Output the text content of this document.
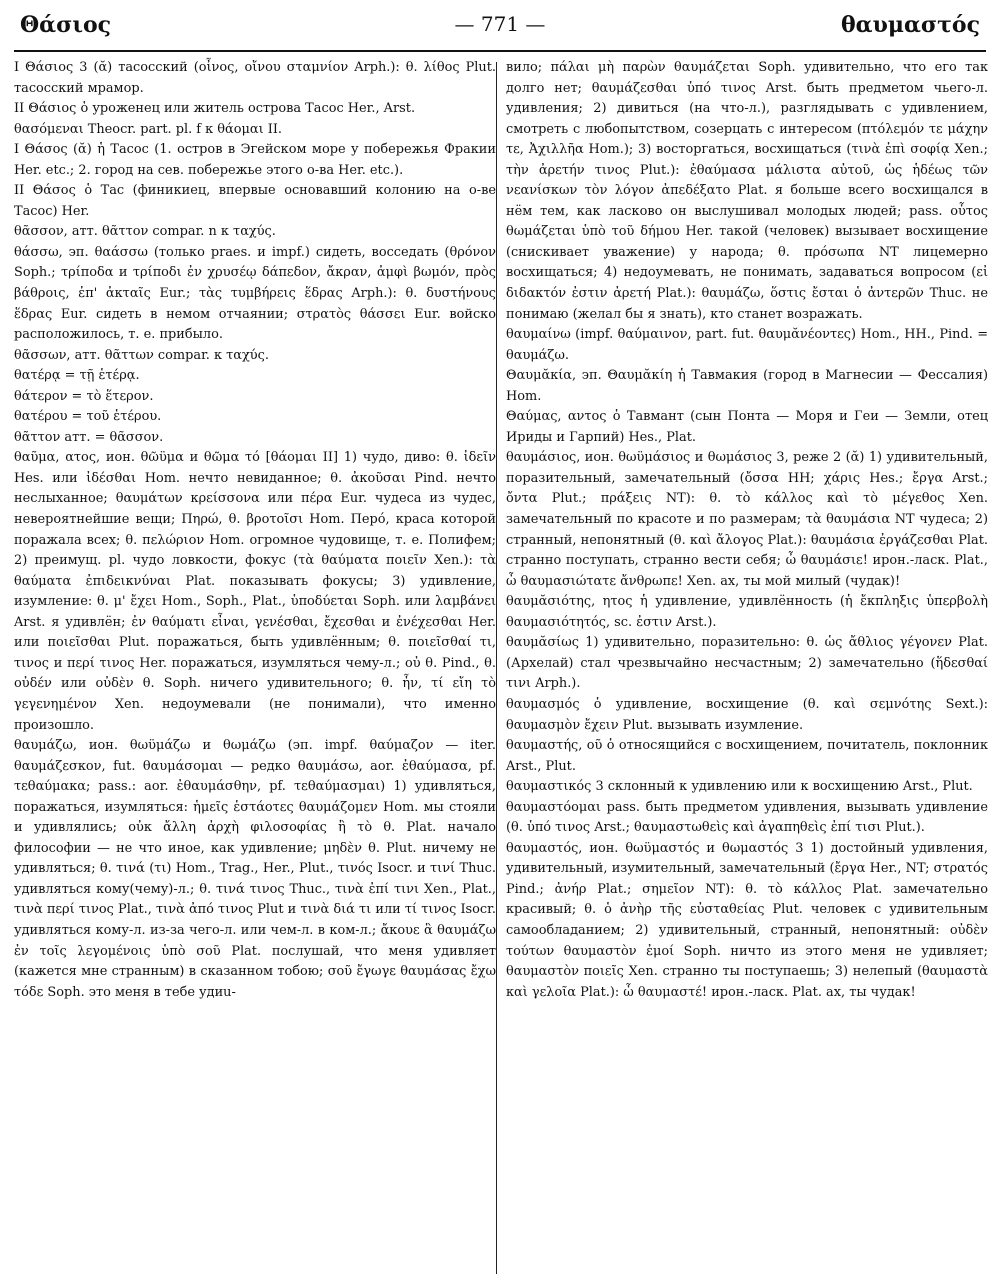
Θάσιος	— 771 —	θαυμαστός

I Θάσιος 3 (ᾰ) тасосский (οἶνος, οἴνου σταμνίον Arph.): θ. λίθος Plut. тасосский мрамор.

II Θάσιος ὁ уроженец или житель острова Тасос Her., Arst.

θασόμεναι Theocr. part. pl. f к θάομαι II.

I Θάσος (ᾰ) ἡ Тасос (1. остров в Эгейском море у побережья Фракии Her. etc.; 2. город на сев. побережье этого о-ва Her. etc.).

II Θάσος ὁ Тас (финикиец, впервые основавший колонию на о-ве Тасос) Her.

θᾶσσον, атт. θᾶττον compar. n к ταχύς.

θάσσω, эп. θαάσσω (только praes. и impf.) сидеть, восседать (θρόνον Soph.; τρίποδα и τρίποδι ἐν χρυσέῳ δάπεδον, ἄκραν, ἀμφὶ βωμόν, πρὸς βάθροις, ἐπ' ἀκταῖς Eur.; τὰς τυμβήρεις ἕδρας Arph.): θ. δυστήνους ἕδρας Eur. сидеть в немом отчаянии; στρατὸς θάσσει Eur. войско расположилось, т. е. прибыло.

θᾶσσων, атт. θᾶττων compar. к ταχύς.

θατέρᾳ = τῇ ἑτέρᾳ.

θάτερον = τὸ ἕτερον.

θατέρου = τοῦ ἑτέρου.

θᾶττον атт. = θᾶσσον.

θαῦμα, ατος, ион. θῶϋμα и θῶμα τό [θάομαι II] 1) чудо, диво: θ. ἰδεῖν Hes. или ἰδέσθαι Hom. нечто невиданное; θ. ἀκοῦσαι Pind. нечто неслыханное; θαυμάτων κρείσσονα или πέρα Eur. чудеса из чудес, невероятнейшие вещи; Πηρώ, θ. βροτοῖσι Hom. Перó, краса которой поражала всех; θ. πελώριον Hom. огромное чудовище, т. е. Полифем; 2) преимущ. pl. чудо ловкости, фокус (τὰ θαύματα ποιεῖν Xen.): τὰ θαύματα ἐπιδεικνύναι Plat. показывать фокусы; 3) удивление, изумление: θ. μ' ἔχει Hom., Soph., Plat., ὑποδύεται Soph. или λαμβάνει Arst. я удивлён; ἐν θαύματι εἶναι, γενέσθαι, ἔχεσθαι и ἐνέχεσθαι Her. или ποιεῖσθαι Plut. поражаться, быть удивлённым; θ. ποιεῖσθαί τι, τινος и περί τινος Her. поражаться, изумляться чему-л.; οὐ θ. Pind., θ. οὐδέν или οὐδὲν θ. Soph. ничего удивительного; θ. ἦν, τί εἴη τὸ γεγενημένον Xen. недоумевали (не понимали), что именно произошло.

θαυμάζω, ион. θωϋμάζω и θωμάζω (эп. impf. θαύμαζον — iter. θαυμάζεσκον, fut. θαυμάσομαι — редко θαυμάσω, aor. ἐθαύμασα, pf. τεθαύμακα; pass.: aor. ἐθαυμάσθην, pf. τεθαύμασμαι) 1) удивляться, поражаться, изумляться: ἡμεῖς ἑστάοτες θαυμάζομεν Hom. мы стояли и удивлялись; οὐκ ἄλλη ἀρχὴ φιλοσοφίας ἢ τὸ θ. Plat. начало философии — не что иное, как удивление; μηδὲν θ. Plut. ничему не удивляться; θ. τινά (τι) Hom., Trag., Her., Plut., τινός Isocr. и τινί Thuc. удивляться кому(чему)-л.; θ. τινά τινος Thuc., τινὰ ἐπί τινι Xen., Plat., τινὰ περί τινος Plat., τινὰ ἀπό τινος Plut и τινὰ διά τι или τί τινος Isocr. удивляться кому-л. из-за чего-л. или чем-л. в ком-л.; ἄκουε ἃ θαυμάζω ἐν τοῖς λεγομένοις ὑπὸ σοῦ Plat. послушай, что меня удивляет (кажется мне странным) в сказанном тобою; σοῦ ἔγωγε θαυμάσας ἔχω τόδε Soph. это меня в тебе удиu-

вило; πάλαι μὴ παρὼν θαυμάζεται Soph. удивительно, что его так долго нет; θαυμάζεσθαι ὑπό τινος Arst. быть предметом чьего-л. удивления; 2) дивиться (на что-л.), разглядывать с удивлением, смотреть с любопытством, созерцать с интересом (πτόλεμόν τε μάχην τε, Ἀχιλλῆα Hom.); 3) восторгаться, восхищаться (τινὰ ἐπὶ σοφίᾳ Xen.; τὴν ἀρετήν τινος Plut.): ἐθαύμασα μάλιστα αὐτοῦ, ὡς ἡδέως τῶν νεανίσκων τὸν λόγον ἀπεδέξατο Plat. я больше всего восхищался в нём тем, как ласково он выслушивал молодых людей; pass. οὗτος θωμάζεται ὑπὸ τοῦ δήμου Her. такой (человек) вызывает восхищение (снискивает уважение) у народа; θ. πρόσωπα NT лицемерно восхищаться; 4) недоумевать, не понимать, задаваться вопросом (εἰ διδακτόν ἐστιν ἀρετή Plat.): θαυμάζω, ὅστις ἔσται ὁ ἀντερῶν Thuc. не понимаю (желал бы я знать), кто станет возражать.

θαυμαίνω (impf. θαύμαινον, part. fut. θαυμᾰνέοντες) Hom., HH., Pind. = θαυμάζω.

Θαυμᾰκία, эп. Θαυμᾰκίη ἡ Тавмакия (город в Магнесии — Фессалия) Hom.

Θαύμας, αντος ὁ Тавмант (сын Понта — Моря и Геи — Земли, отец Ириды и Гарпий) Hes., Plat.

θαυμάσιος, ион. θωϋμάσιος и θωμάσιος 3, реже 2 (ᾰ) 1) удивительный, поразительный, замечательный (ὄσσα HH; χάρις Hes.; ἔργα Arst.; ὄντα Plut.; πράξεις NT): θ. τὸ κάλλος καὶ τὸ μέγεθος Xen. замечательный по красоте и по размерам; τὰ θαυμάσια NT чудеса; 2) странный, непонятный (θ. καὶ ἄλογος Plat.): θαυμάσια ἐργάζεσθαι Plat. странно поступать, странно вести себя; ὦ θαυμάσιε! ирон.-ласк. Plat., ὦ θαυμασιώτατε ἄνθρωπε! Xen. ах, ты мой милый (чудак)!

θαυμᾰσιότης, ητος ἡ удивление, удивлённость (ἡ ἔκπληξις ὑπερβολὴ θαυμασιότητός, sc. ἐστιν Arst.).

θαυμᾰσίως 1) удивительно, поразительно: θ. ὡς ἄθλιος γέγονεν Plat. (Архелай) стал чрезвычайно несчастным; 2) замечательно (ἥδεσθαί τινι Arph.).

θαυμασμός ὁ удивление, восхищение (θ. καὶ σεμνότης Sext.): θαυμασμὸν ἔχειν Plut. вызывать изумление.

θαυμαστής, οῦ ὁ относящийся с восхищением, почитатель, поклонник Arst., Plut.

θαυμαστικός 3 склонный к удивлению или к восхищению Arst., Plut.

θαυμαστόομαι pass. быть предметом удивления, вызывать удивление (θ. ὑπό τινος Arst.; θαυμαστωθεὶς καὶ ἀγαπηθεὶς ἐπί τισι Plut.).

θαυμαστός, ион. θωϋμαστός и θωμαστός 3 1) достойный удивления, удивительный, изумительный, замечательный (ἔργα Her., NT; στρατός Pind.; ἀνήρ Plat.; σημεῖον NT): θ. τὸ κάλλος Plat. замечательно красивый; θ. ὁ ἀνὴρ τῆς εὐσταθείας Plut. человек с удивительным самообладанием; 2) удивительный, странный, непонятный: οὐδὲν τούτων θαυμαστὸν ἐμοί Soph. ничто из этого меня не удивляет; θαυμαστὸν ποιεῖς Xen. странно ты поступаешь; 3) нелепый (θαυμαστὰ καὶ γελοῖα Plat.): ὦ θαυμαστέ! ирон.-ласк. Plat. ах, ты чудак!
